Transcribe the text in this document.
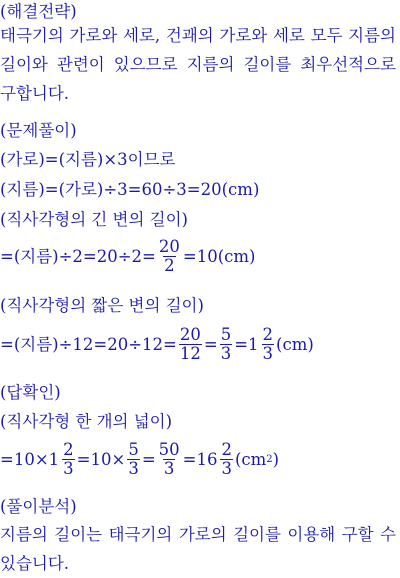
(해결전략)
태극기의 가로와 세로, 건괘의 가로와 세로 모두 지름의 길이와 관련이 있으므로 지름의 길이를 최우선적으로 구합니다.
(문제풀이)
(가로)=(지름)×3이므로
(지름)=(가로)÷3=60÷3=20(cm)
(직사각형의 긴 변의 길이)
=(지름)$\div 2=20\div 2= \frac{20}{2} =10(cm)$
(직사각형의 짧은 변의 길이)
=(지름)$\div 12=20\div 12= \frac{20}{12} = \frac{5}{3} =1 \frac{2}{3} (cm)$
(답확인)
(직사각형 한 개의 넓이)
$=10\times 1 \frac{2}{3} =10\times \frac{5}{3} = \frac{50}{3} =16 \frac{2}{3} (cm$ 2 )
(풀이분석)
지름의 길이는 태극기의 가로의 길이를 이용해 구할 수 있습니다.
